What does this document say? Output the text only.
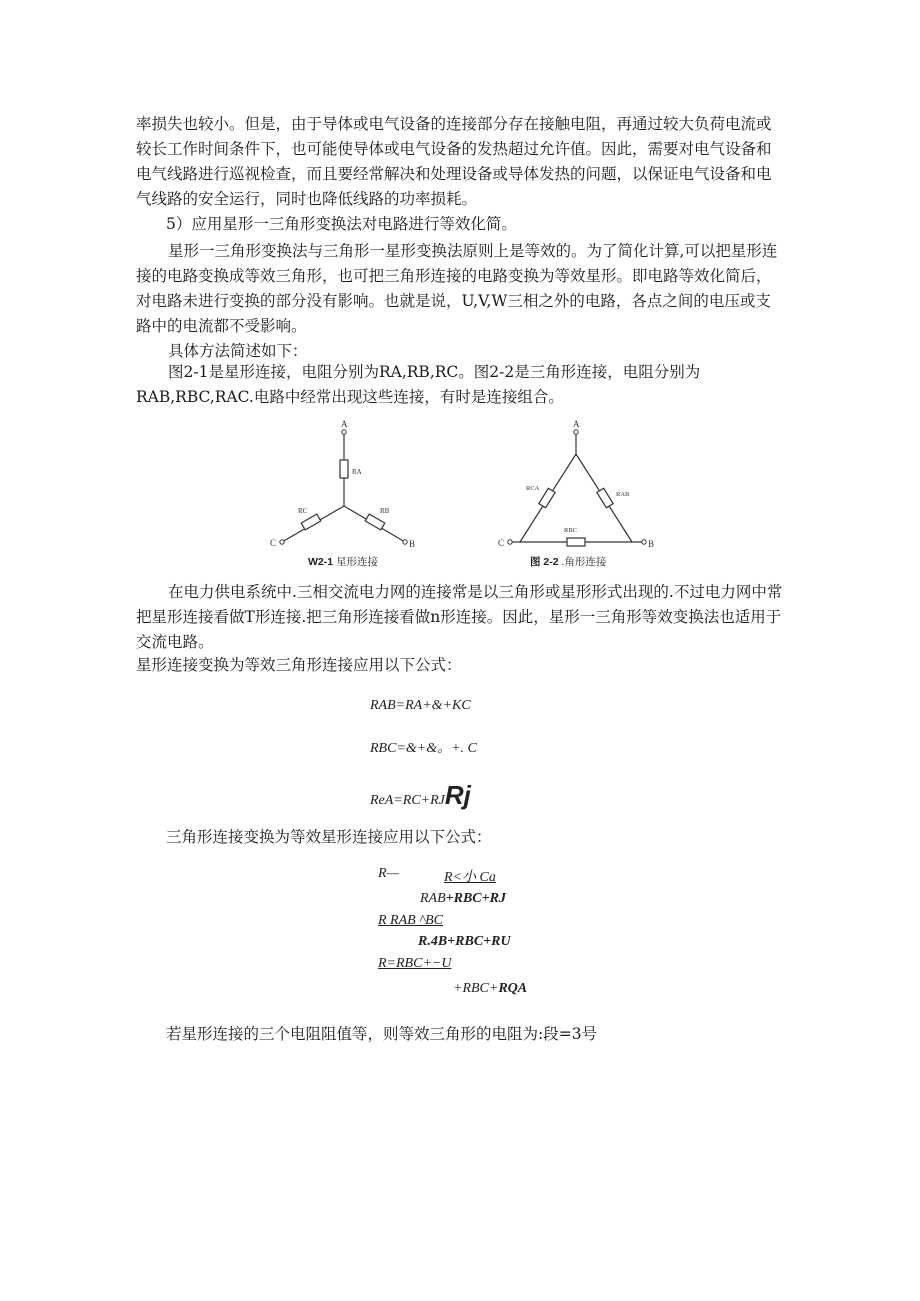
率损失也较小。但是，由于导体或电气设备的连接部分存在接触电阻，再通过较大负荷电流或较长工作时间条件下，也可能使导体或电气设备的发热超过允许值。因此，需要对电气设备和电气线路进行巡视检查，而且要经常解决和处理设备或导体发热的问题，以保证电气设备和电气线路的安全运行，同时也降低线路的功率损耗。

5）应用星形一三角形变换法对电路进行等效化简。

星形一三角形变换法与三角形一星形变换法原则上是等效的。为了简化计算,可以把星形连接的电路变换成等效三角形，也可把三角形连接的电路变换为等效星形。即电路等效化简后，对电路未进行变换的部分没有影响。也就是说，U,V,W三相之外的电路，各点之间的电压或支路中的电流都不受影响。

具体方法简述如下：

图2-1是星形连接，电阻分别为RA,RB,RC。图2-2是三角形连接，电阻分别为RAB,RBC,RAC.电路中经常出现这些连接，有时是连接组合。

A
C	B
RA
RC	RB
W2-1 星形连接
A
C	B
RCA
RAB
RBC
图 2-2 .角形连接

在电力供电系统中.三相交流电力网的连接常是以三角形或星形形式出现的.不过电力网中常把星形连接看做T形连接.把三角形连接看做n形连接。因此，星形一三角形等效变换法也适用于交流电路。

星形连接变换为等效三角形连接应用以下公式：

RAB=RA+&+KC
RBC=&+&。+. C
ReA=RC+RJRj

三角形连接变换为等效星形连接应用以下公式：

R—	R<小 Ca
RAB+RBC+RJ
R RAB ^BC
R.4B+RBC+RU
R=RBC+−U
+RBC+RQA

若星形连接的三个电阻阻值等，则等效三角形的电阻为:段=3号
